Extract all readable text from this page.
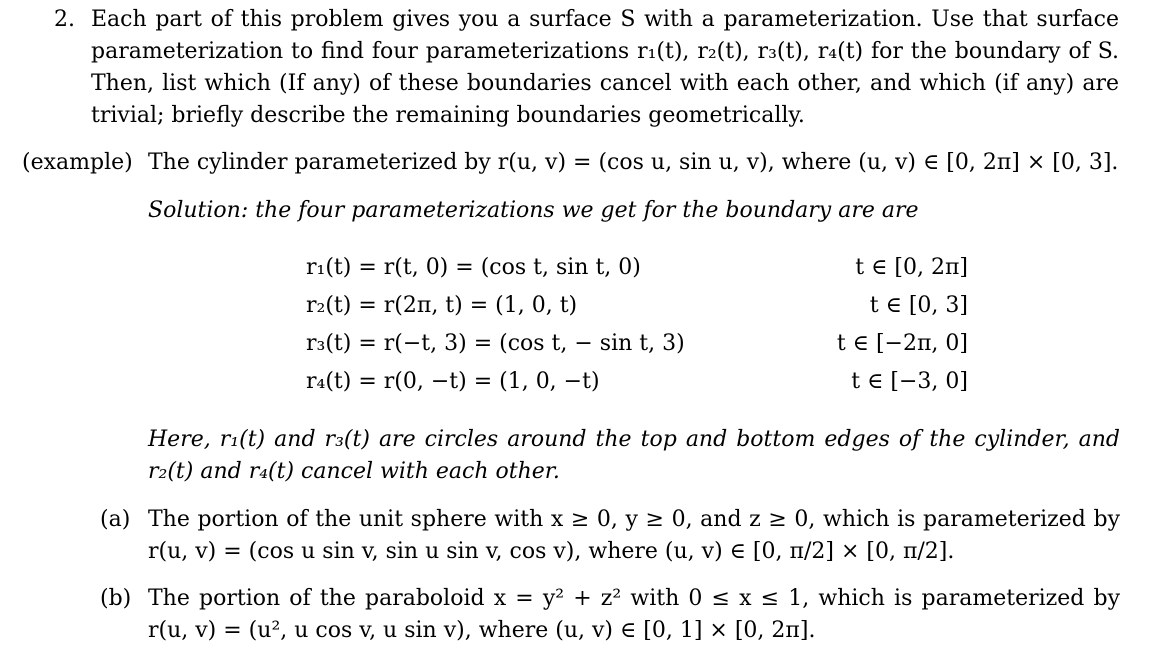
2. Each part of this problem gives you a surface S with a parameterization. Use that surface
parameterization to find four parameterizations r₁(t), r₂(t), r₃(t), r₄(t) for the boundary of S.
Then, list which (If any) of these boundaries cancel with each other, and which (if any) are
trivial; briefly describe the remaining boundaries geometrically.
(example) The cylinder parameterized by r(u, v) = (cos u, sin u, v), where (u, v) ∈ [0, 2π] × [0, 3].
Solution: the four parameterizations we get for the boundary are are
r₁(t) = r(t, 0) = (cos t, sin t, 0)	t ∈ [0, 2π]
r₂(t) = r(2π, t) = (1, 0, t)	t ∈ [0, 3]
r₃(t) = r(−t, 3) = (cos t, − sin t, 3)	t ∈ [−2π, 0]
r₄(t) = r(0, −t) = (1, 0, −t)	t ∈ [−3, 0]
Here, r₁(t) and r₃(t) are circles around the top and bottom edges of the cylinder, and
r₂(t) and r₄(t) cancel with each other.
(a) The portion of the unit sphere with x ≥ 0, y ≥ 0, and z ≥ 0, which is parameterized by
r(u, v) = (cos u sin v, sin u sin v, cos v), where (u, v) ∈ [0, π/2] × [0, π/2].
(b) The portion of the paraboloid x = y² + z² with 0 ≤ x ≤ 1, which is parameterized by
r(u, v) = (u², u cos v, u sin v), where (u, v) ∈ [0, 1] × [0, 2π].
